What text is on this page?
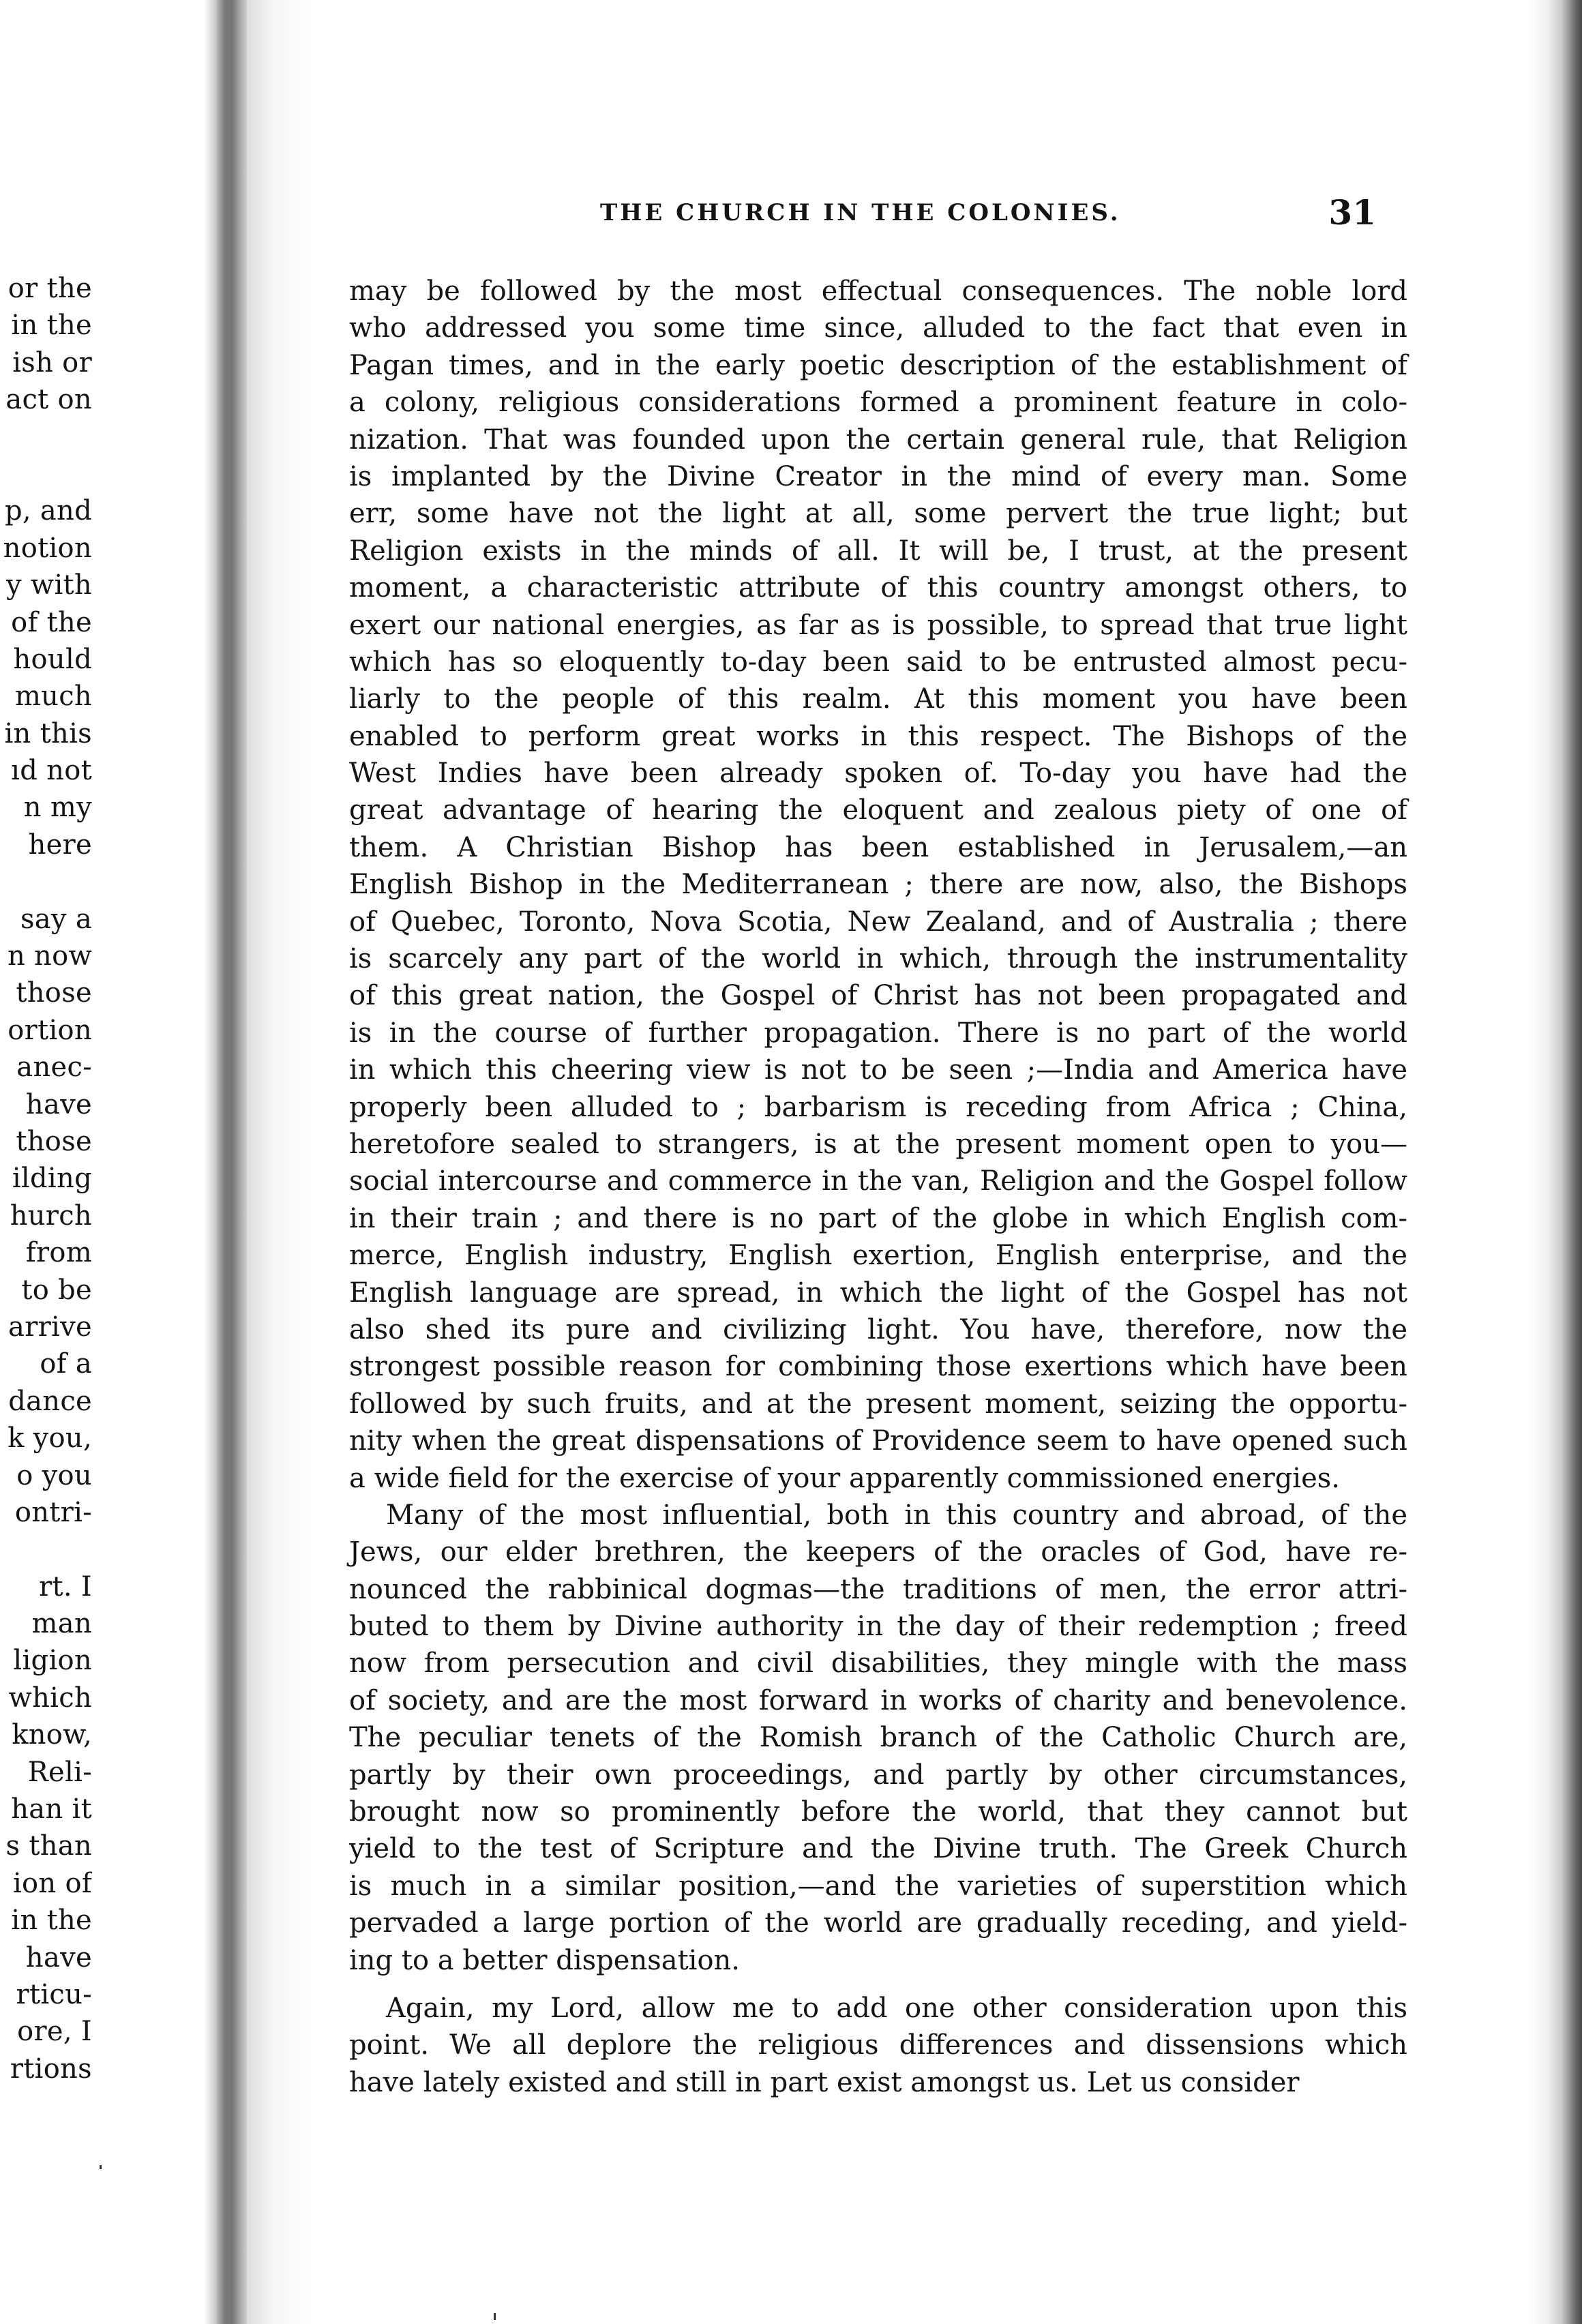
or the
in the
ish or
act on
p, and
notion
y with
of the
hould
much
in this
ıd not
n my
here
say a
n now
those
ortion
anec-
have
those
ilding
hurch
from
to be
arrive
of a
dance
k you,
o you
ontri-
rt. I
man
ligion
which
know,
Reli-
han it
s than
ion of
in the
have
rticu-
ore, I
rtions
THE CHURCH IN THE COLONIES.	31
may be followed by the most effectual consequences. The noble lord
who addressed you some time since, alluded to the fact that even in
Pagan times, and in the early poetic description of the establishment of
a colony, religious considerations formed a prominent feature in colo-
nization. That was founded upon the certain general rule, that Religion
is implanted by the Divine Creator in the mind of every man. Some
err, some have not the light at all, some pervert the true light; but
Religion exists in the minds of all. It will be, I trust, at the present
moment, a characteristic attribute of this country amongst others, to
exert our national energies, as far as is possible, to spread that true light
which has so eloquently to-day been said to be entrusted almost pecu-
liarly to the people of this realm. At this moment you have been
enabled to perform great works in this respect. The Bishops of the
West Indies have been already spoken of. To-day you have had the
great advantage of hearing the eloquent and zealous piety of one of
them. A Christian Bishop has been established in Jerusalem,—an
English Bishop in the Mediterranean ; there are now, also, the Bishops
of Quebec, Toronto, Nova Scotia, New Zealand, and of Australia ; there
is scarcely any part of the world in which, through the instrumentality
of this great nation, the Gospel of Christ has not been propagated and
is in the course of further propagation. There is no part of the world
in which this cheering view is not to be seen ;—India and America have
properly been alluded to ; barbarism is receding from Africa ; China,
heretofore sealed to strangers, is at the present moment open to you—
social intercourse and commerce in the van, Religion and the Gospel follow
in their train ; and there is no part of the globe in which English com-
merce, English industry, English exertion, English enterprise, and the
English language are spread, in which the light of the Gospel has not
also shed its pure and civilizing light. You have, therefore, now the
strongest possible reason for combining those exertions which have been
followed by such fruits, and at the present moment, seizing the opportu-
nity when the great dispensations of Providence seem to have opened such
a wide field for the exercise of your apparently commissioned energies.
Many of the most influential, both in this country and abroad, of the
Jews, our elder brethren, the keepers of the oracles of God, have re-
nounced the rabbinical dogmas—the traditions of men, the error attri-
buted to them by Divine authority in the day of their redemption ; freed
now from persecution and civil disabilities, they mingle with the mass
of society, and are the most forward in works of charity and benevolence.
The peculiar tenets of the Romish branch of the Catholic Church are,
partly by their own proceedings, and partly by other circumstances,
brought now so prominently before the world, that they cannot but
yield to the test of Scripture and the Divine truth. The Greek Church
is much in a similar position,—and the varieties of superstition which
pervaded a large portion of the world are gradually receding, and yield-
ing to a better dispensation.
Again, my Lord, allow me to add one other consideration upon this
point. We all deplore the religious differences and dissensions which
have lately existed and still in part exist amongst us. Let us consider
